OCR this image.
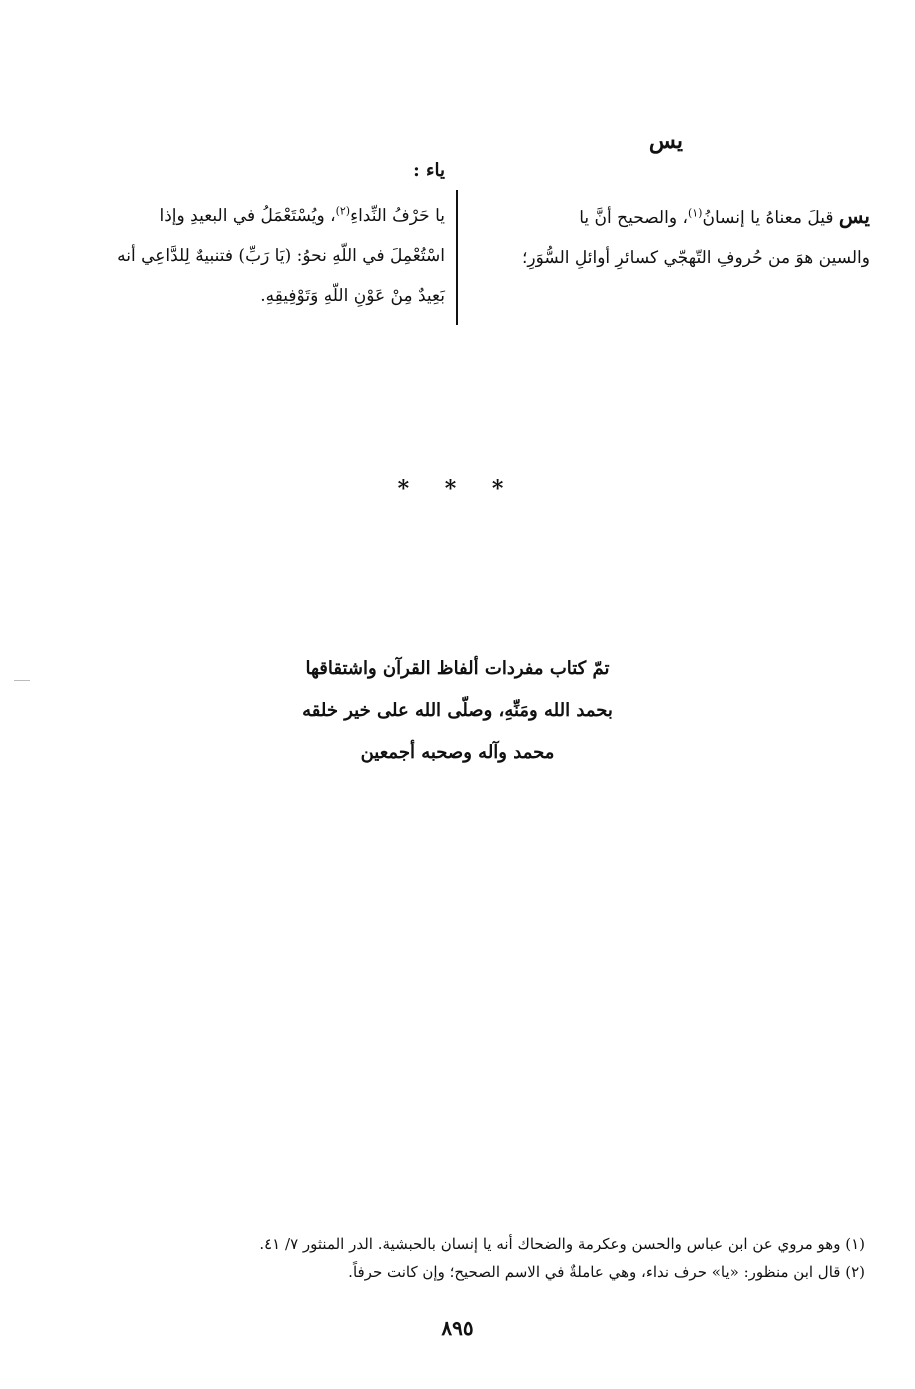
يس
ياء :
يس قيلَ معناهُ يا إنسانُ$^{(١)}$، والصحيح أنَّ يا
والسين هوَ من حُروفِ التّهجّي كسائرِ أوائلِ السُّوَرِ؛
يا حَرْفُ النِّداءِ$^{(٢)}$، ويُسْتَعْمَلُ في البعيدِ وإذا
اسْتُعْمِلَ في اللّهِ نحوُ: (يَا رَبِّ) فتنبيهٌ لِلدَّاعِي أنه
بَعِيدٌ مِنْ عَوْنِ اللّهِ وَتَوْفِيقِهِ.
* * *
تمّ كتاب مفردات ألفاظ القرآن واشتقاقها
بحمد الله ومَنِّهِ، وصلّى الله على خير خلقه
محمد وآله وصحبه أجمعين
(١) وهو مروي عن ابن عباس والحسن وعكرمة والضحاك أنه يا إنسان بالحبشية. الدر المنثور ٧/ ٤١.
(٢) قال ابن منظور: «يا» حرف نداء، وهي عاملةٌ في الاسم الصحيح؛ وإن كانت حرفاً.
٨٩٥
